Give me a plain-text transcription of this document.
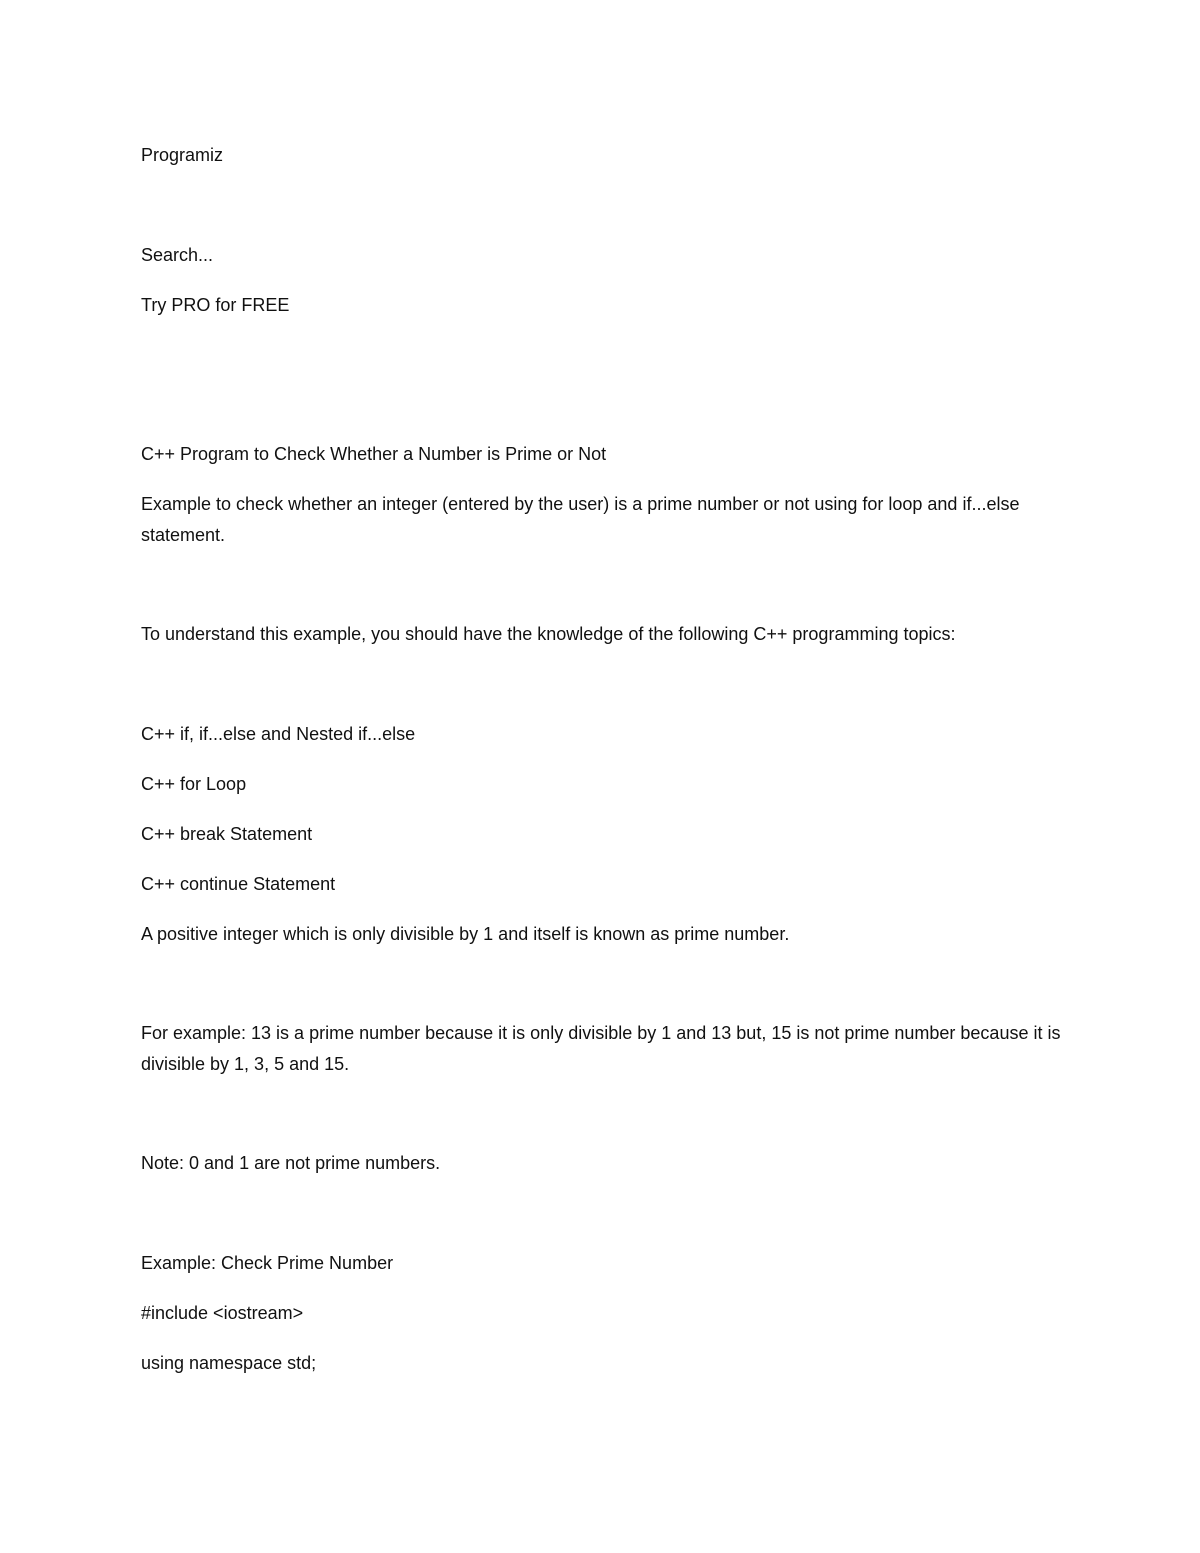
Programiz

Search...

Try PRO for FREE

C++ Program to Check Whether a Number is Prime or Not

Example to check whether an integer (entered by the user) is a prime number or not using for loop and if...else statement.

To understand this example, you should have the knowledge of the following C++ programming topics:

C++ if, if...else and Nested if...else

C++ for Loop

C++ break Statement

C++ continue Statement

A positive integer which is only divisible by 1 and itself is known as prime number.

For example: 13 is a prime number because it is only divisible by 1 and 13 but, 15 is not prime number because it is divisible by 1, 3, 5 and 15.

Note: 0 and 1 are not prime numbers.

Example: Check Prime Number

#include <iostream>

using namespace std;
